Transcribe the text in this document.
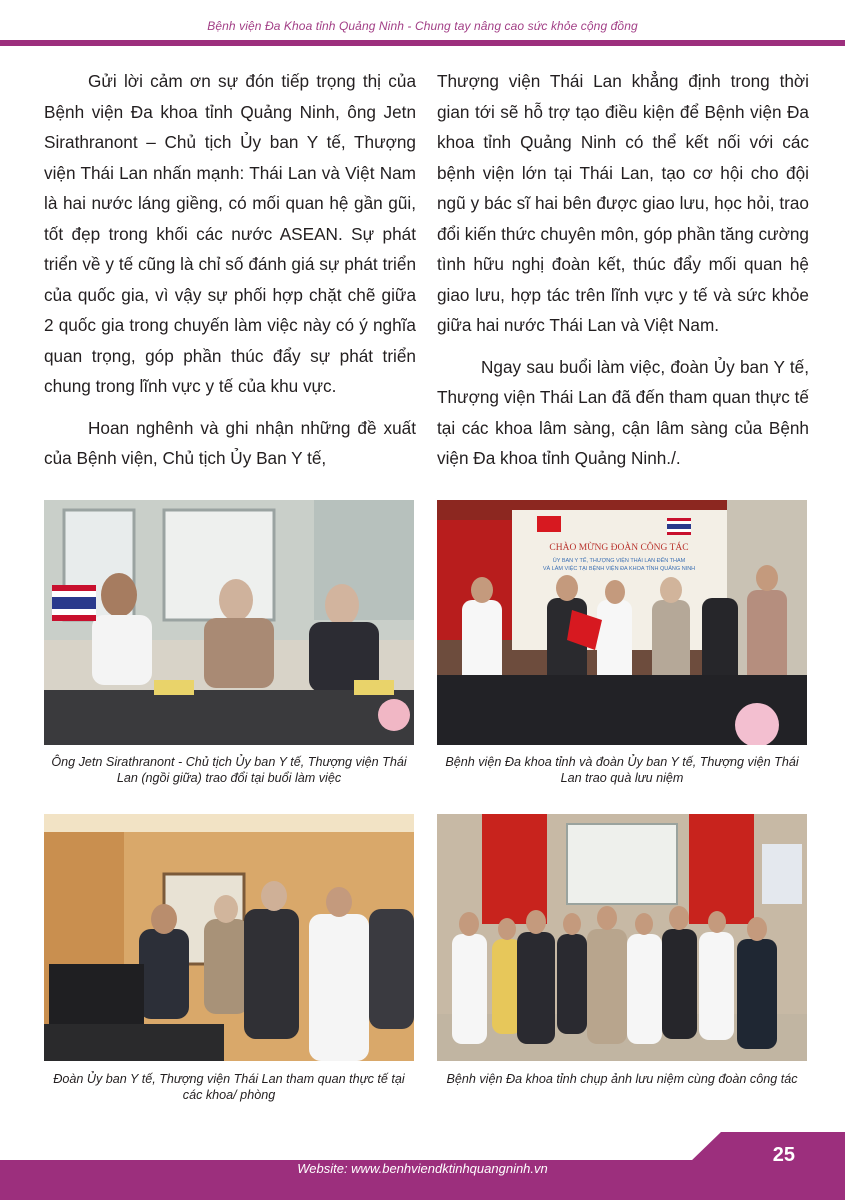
Bệnh viện Đa Khoa tỉnh Quảng Ninh - Chung tay nâng cao sức khỏe cộng đồng

Gửi lời cảm ơn sự đón tiếp trọng thị của Bệnh viện Đa khoa tỉnh Quảng Ninh, ông Jetn Sirathranont – Chủ tịch Ủy ban Y tế, Thượng viện Thái Lan nhấn mạnh: Thái Lan và Việt Nam là hai nước láng giềng, có mối quan hệ gần gũi, tốt đẹp trong khối các nước ASEAN. Sự phát triển về y tế cũng là chỉ số đánh giá sự phát triển của quốc gia, vì vậy sự phối hợp chặt chẽ giữa 2 quốc gia trong chuyến làm việc này có ý nghĩa quan trọng, góp phần thúc đẩy sự phát triển chung trong lĩnh vực y tế của khu vực.

Hoan nghênh và ghi nhận những đề xuất của Bệnh viện, Chủ tịch Ủy Ban Y tế,

Thượng viện Thái Lan khẳng định trong thời gian tới sẽ hỗ trợ tạo điều kiện để Bệnh viện Đa khoa tỉnh Quảng Ninh có thể kết nối với các bệnh viện lớn tại Thái Lan, tạo cơ hội cho đội ngũ y bác sĩ hai bên được giao lưu, học hỏi, trao đổi kiến thức chuyên môn, góp phần tăng cường tình hữu nghị đoàn kết, thúc đẩy mối quan hệ giao lưu, hợp tác trên lĩnh vực y tế và sức khỏe giữa hai nước Thái Lan và Việt Nam.

Ngay sau buổi làm việc, đoàn Ủy ban Y tế, Thượng viện Thái Lan đã đến tham quan thực tế tại các khoa lâm sàng, cận lâm sàng của Bệnh viện Đa khoa tỉnh Quảng Ninh./.

Ông Jetn Sirathranont - Chủ tịch Ủy ban Y tế, Thượng viện Thái Lan (ngồi giữa) trao đổi tại buổi làm việc
CHÀO MỪNG ĐOÀN CÔNG TÁC
ỦY BAN Y TẾ, THƯỢNG VIỆN THÁI LAN ĐẾN THAM
VÀ LÀM VIỆC TẠI BỆNH VIỆN ĐA KHOA TỈNH QUẢNG NINH
Bệnh viện Đa khoa tỉnh và đoàn Ủy ban Y tế, Thượng viện Thái Lan trao quà lưu niệm
Đoàn Ủy ban Y tế, Thượng viện Thái Lan tham quan thực tế tại các khoa/ phòng
Bệnh viện Đa khoa tỉnh chụp ảnh lưu niệm cùng đoàn công tác
25
Website: www.benhviendktinhquangninh.vn
